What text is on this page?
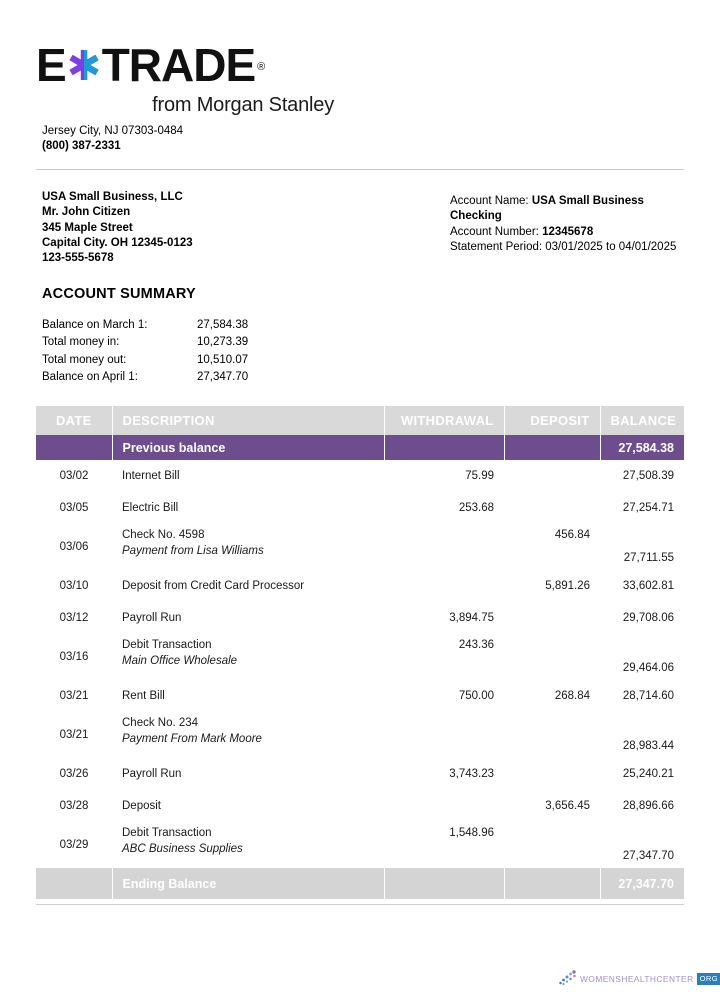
E TRADE ®
from Morgan Stanley
Jersey City, NJ 07303-0484
(800) 387-2331
USA Small Business, LLC
Mr. John Citizen
345 Maple Street
Capital City. OH 12345-0123
123-555-5678
Account Name: USA Small Business Checking
Account Number: 12345678
Statement Period: 03/01/2025 to 04/01/2025
ACCOUNT SUMMARY
Balance on March 1:	27,584.38
Total money in:	10,273.39
Total money out:	10,510.07
Balance on April 1:	27,347.70
DATE	DESCRIPTION	WITHDRAWAL	DEPOSIT	BALANCE
	Previous balance			27,584.38
03/02	Internet Bill	75.99		27,508.39
03/05	Electric Bill	253.68		27,254.71
03/06	Check No. 4598
Payment from Lisa Williams		456.84	27,711.55
03/10	Deposit from Credit Card Processor		5,891.26	33,602.81
03/12	Payroll Run	3,894.75		29,708.06
03/16	Debit Transaction
Main Office Wholesale	243.36		29,464.06
03/21	Rent Bill	750.00	268.84	28,714.60
03/21	Check No. 234
Payment From Mark Moore			28,983.44
03/26	Payroll Run	3,743.23		25,240.21
03/28	Deposit		3,656.45	28,896.66
03/29	Debit Transaction
ABC Business Supplies	1,548.96		27,347.70
	Ending Balance			27,347.70
WOMENSHEALTHCENTER ORG
